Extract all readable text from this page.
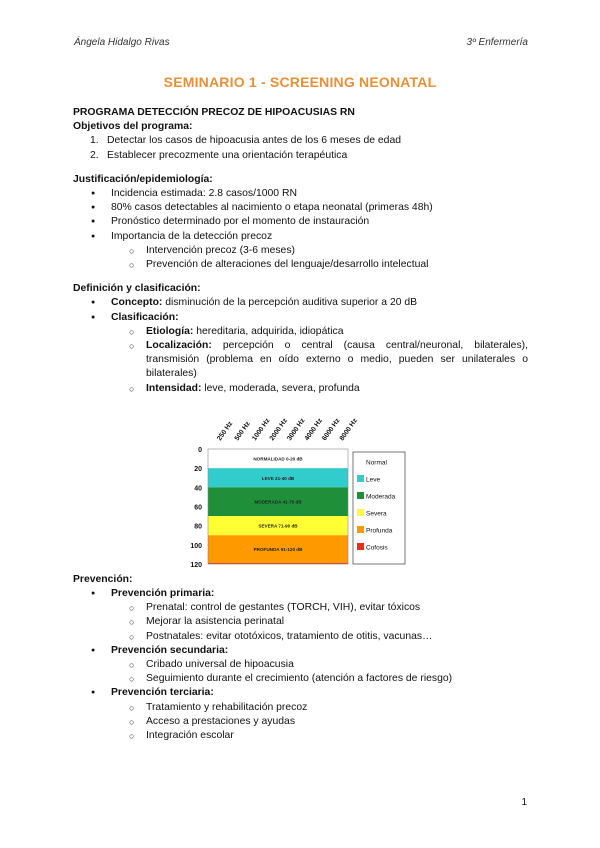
Ángela Hidalgo Rivas	3º Enfermería
SEMINARIO 1 - SCREENING NEONATAL
PROGRAMA DETECCIÓN PRECOZ DE HIPOACUSIAS RN
Objetivos del programa:
1. Detectar los casos de hipoacusia antes de los 6 meses de edad
2. Establecer precozmente una orientación terapéutica
Justificación/epidemiología:
● Incidencia estimada: 2.8 casos/1000 RN
● 80% casos detectables al nacimiento o etapa neonatal (primeras 48h)
● Pronóstico determinado por el momento de instauración
● Importancia de la detección precoz
○ Intervención precoz (3-6 meses)
○ Prevención de alteraciones del lenguaje/desarrollo intelectual
Definición y clasificación:
● Concepto: disminución de la percepción auditiva superior a 20 dB
● Clasificación:
○ Etiología: hereditaria, adquirida, idiopática
○ Localización: percepción o central (causa central/neuronal, bilaterales), transmisión (problema en oído externo o medio, pueden ser unilaterales o bilaterales)
○ Intensidad: leve, moderada, severa, profunda
NORMALIDAD 0-20 dB
LEVE 21-40 dB
MODERADA 41-70 dB
SEVERA 71-90 dB
PROFUNDA 91-120 dB
0
20
40
60
80
100
120
250 Hz 500 Hz 1000 Hz
2000 Hz
3000 Hz
4000 Hz
6000 Hz
8000 Hz
Normal
Leve
Moderada
Severa
Profunda
Cofosis
Prevención:
● Prevención primaria:
○ Prenatal: control de gestantes (TORCH, VIH), evitar tóxicos
○ Mejorar la asistencia perinatal
○ Postnatales: evitar ototóxicos, tratamiento de otitis, vacunas…
● Prevención secundaria:
○ Cribado universal de hipoacusia
○ Seguimiento durante el crecimiento (atención a factores de riesgo)
● Prevención terciaria:
○ Tratamiento y rehabilitación precoz
○ Acceso a prestaciones y ayudas
○ Integración escolar
1
